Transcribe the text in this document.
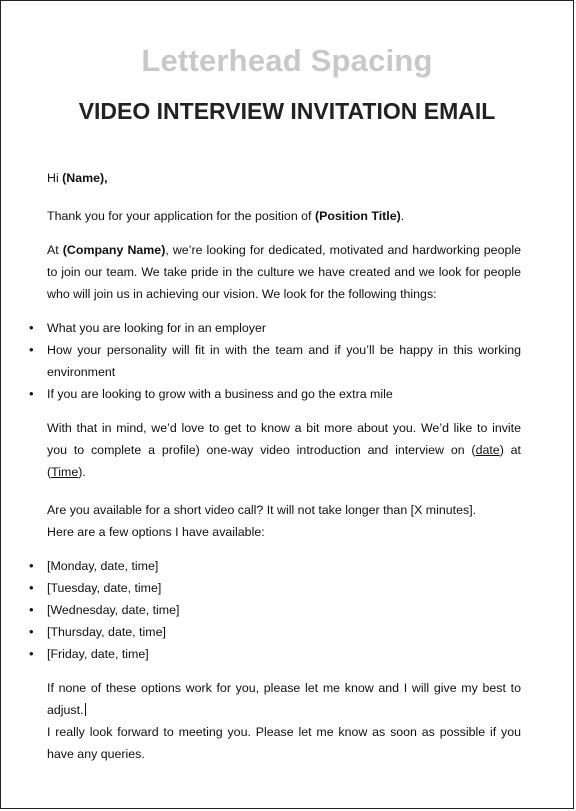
Letterhead Spacing
VIDEO INTERVIEW INVITATION EMAIL

Hi (Name),

Thank you for your application for the position of (Position Title).

At (Company Name), we’re looking for dedicated, motivated and hardworking people to join our team. We take pride in the culture we have created and we look for people who will join us in achieving our vision. We look for the following things:

• What you are looking for in an employer
• How your personality will fit in with the team and if you’ll be happy in this working environment
• If you are looking to grow with a business and go the extra mile

With that in mind, we’d love to get to know a bit more about you. We’d like to invite you to complete a profile) one-way video introduction and interview on (date) at (Time).

Are you available for a short video call? It will not take longer than [X minutes].

Here are a few options I have available:

• [Monday, date, time]
• [Tuesday, date, time]
• [Wednesday, date, time]
• [Thursday, date, time]
• [Friday, date, time]

If none of these options work for you, please let me know and I will give my best to adjust.

I really look forward to meeting you. Please let me know as soon as possible if you have any queries.
